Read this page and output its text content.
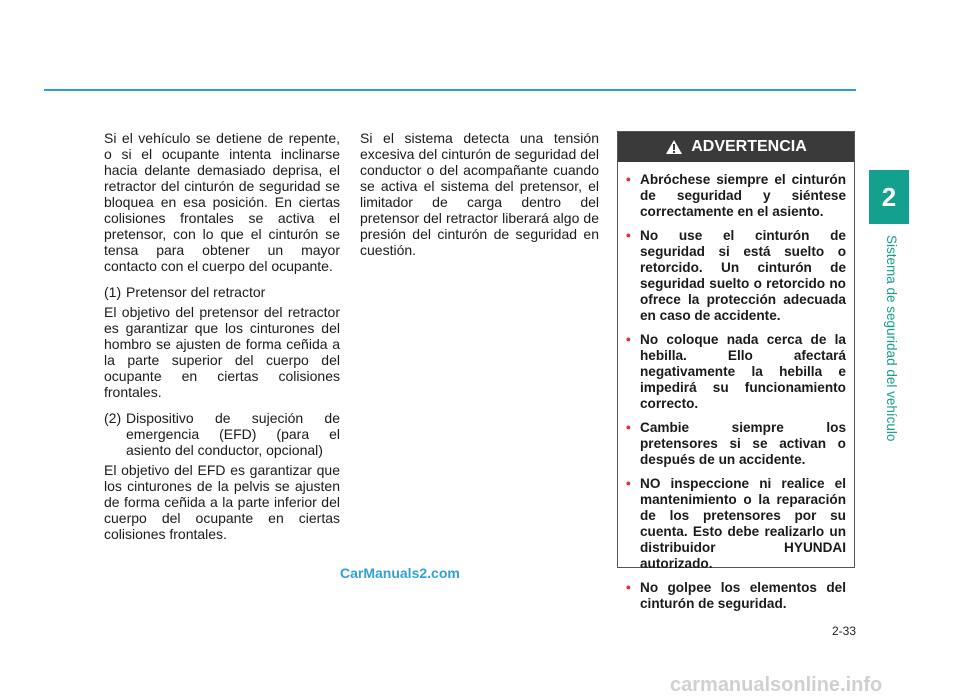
2
Sistema de seguridad del vehículo

Si el vehículo se detiene de repente, o si el ocupante intenta inclinarse hacia delante demasiado deprisa, el retractor del cinturón de seguridad se bloquea en esa posición. En ciertas colisiones frontales se activa el pretensor, con lo que el cinturón se tensa para obtener un mayor contacto con el cuerpo del ocupante.

(1) Pretensor del retractor

El objetivo del pretensor del retractor es garantizar que los cinturones del hombro se ajusten de forma ceñida a la parte superior del cuerpo del ocupante en ciertas colisiones frontales.

(2) Dispositivo de sujeción de emergencia (EFD) (para el asiento del conductor, opcional)

El objetivo del EFD es garantizar que los cinturones de la pelvis se ajusten de forma ceñida a la parte inferior del cuerpo del ocupante en ciertas colisiones frontales.

Si el sistema detecta una tensión excesiva del cinturón de seguridad del conductor o del acompañante cuando se activa el sistema del pretensor, el limitador de carga dentro del pretensor del retractor liberará algo de presión del cinturón de seguridad en cuestión.

ADVERTENCIA
• Abróchese siempre el cinturón de seguridad y siéntese correctamente en el asiento.
• No use el cinturón de seguridad si está suelto o retorcido. Un cinturón de seguridad suelto o retorcido no ofrece la protección adecuada en caso de accidente.
• No coloque nada cerca de la hebilla. Ello afectará negativamente la hebilla e impedirá su funcionamiento correcto.
• Cambie siempre los pretensores si se activan o después de un accidente.
• NO inspeccione ni realice el mantenimiento o la reparación de los pretensores por su cuenta. Esto debe realizarlo un distribuidor HYUNDAI autorizado.
• No golpee los elementos del cinturón de seguridad.
2-33
CarManuals2.com
carmanualsonline.info
